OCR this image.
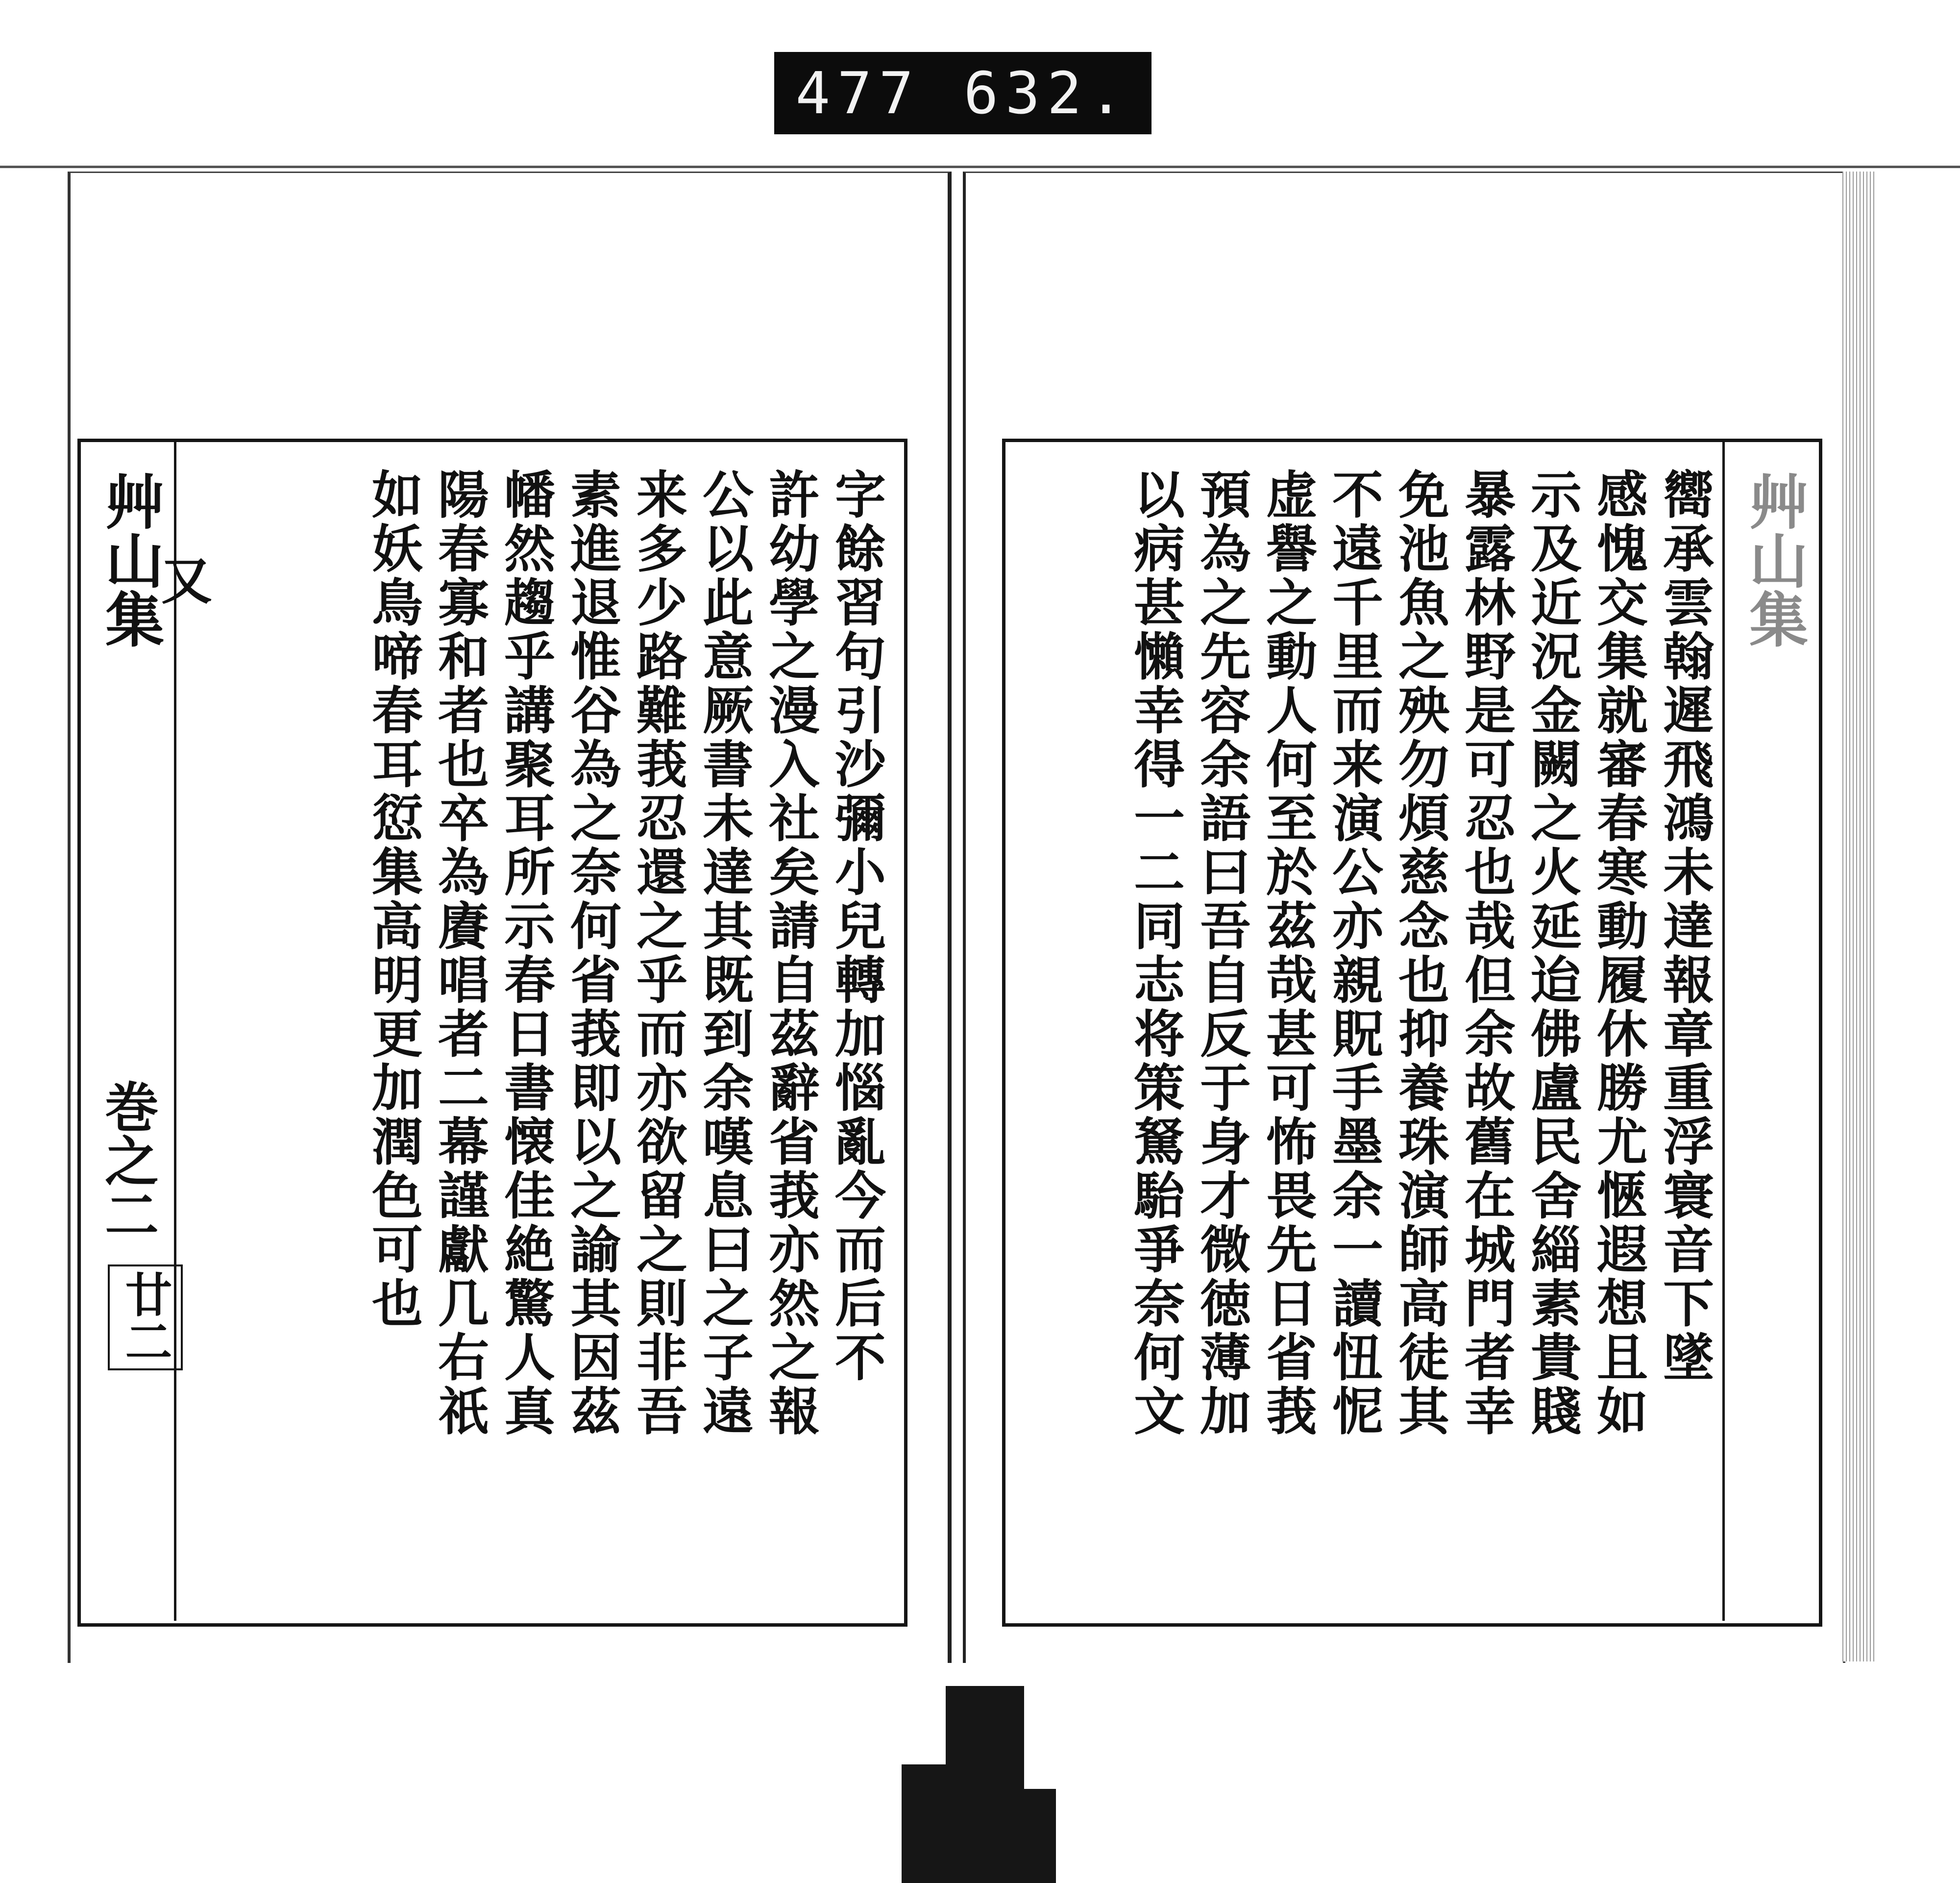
477 632.
艸山集
巻之二
廿二
艸山集
字餘習句引沙彌小兒轉加惱亂今而后不
許幼學之漫入社矣請自茲辭省莪亦然之報
公以此意厥書未達其既到余嘆息曰之子遠
来多少路難莪忍還之乎而亦欲留之則非吾
素進退惟谷為之奈何省莪即以之諭其因茲
幡然趨乎講聚耳所示春日書懐佳絶驚人真
陽春寡和者也卒為賡唱者二幕謹獻几右祇
如妖鳥啼春耳愆集高明更加潤色可也
又	嚮承雲翰遲飛鴻未達報章重浮寰音下墜
感愧交集就審春寒動履休勝尤愜遐想且如
示及近況金闕之火延迨佛盧民舍緇素貴賤
暴露林野是可忍也哉但余故舊在城門者幸
免池魚之殃勿煩慈念也抑養珠演師高徒其
不遠千里而来演公亦親貺手墨余一讀忸怩
虚譽之動人何至於茲哉甚可怖畏先日省莪
預為之先容余語曰吾自反于身才微徳薄加
以病甚懶幸得一二同志将策駑駘爭奈何文
